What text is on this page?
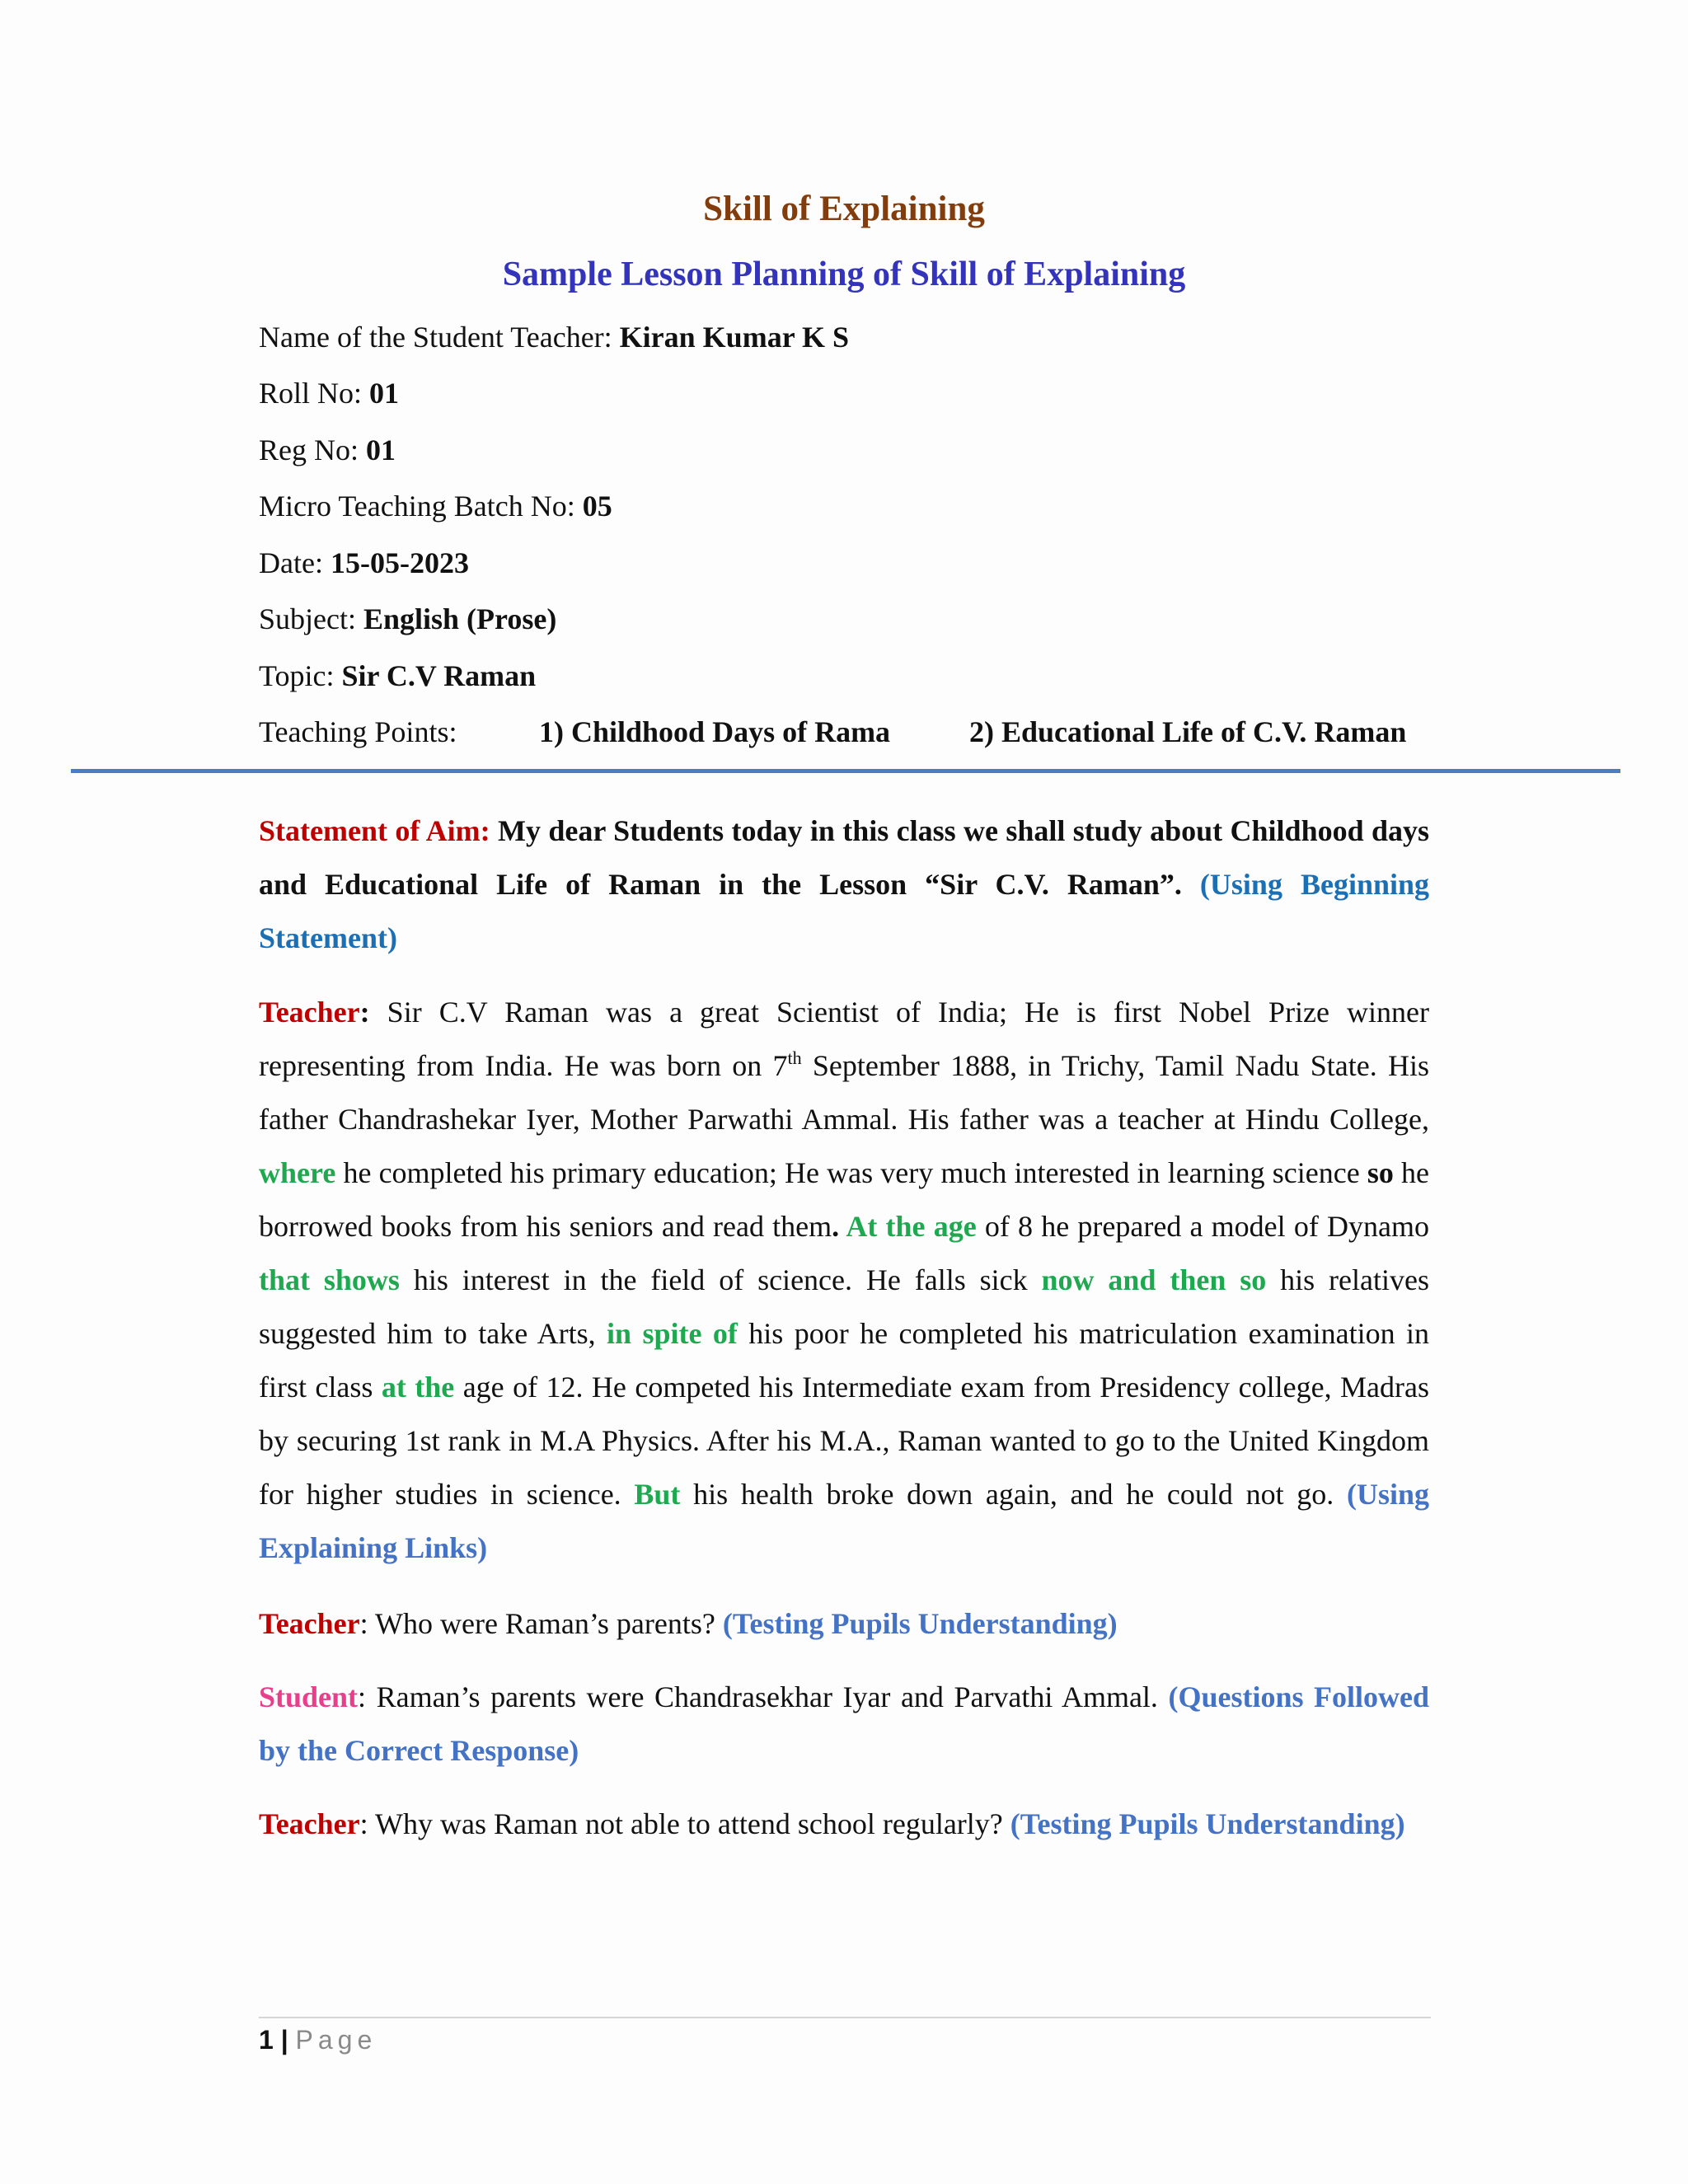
Skill of Explaining
Sample Lesson Planning of Skill of Explaining
Name of the Student Teacher: Kiran Kumar K S
Roll No: 01
Reg No: 01
Micro Teaching Batch No: 05
Date: 15-05-2023
Subject: English (Prose)
Topic: Sir C.V Raman
Teaching Points:	1) Childhood Days of Rama	2) Educational Life of C.V. Raman
Statement of Aim: My dear Students today in this class we shall study about Childhood days and Educational Life of Raman in the Lesson “Sir C.V. Raman”. (Using Beginning Statement)
Teacher: Sir C.V Raman was a great Scientist of India; He is first Nobel Prize winner representing from India. He was born on 7th September 1888, in Trichy, Tamil Nadu State. His father Chandrashekar Iyer, Mother Parwathi Ammal. His father was a teacher at Hindu College, where he completed his primary education; He was very much interested in learning science so he borrowed books from his seniors and read them. At the age of 8 he prepared a model of Dynamo that shows his interest in the field of science. He falls sick now and then so his relatives suggested him to take Arts, in spite of his poor he completed his matriculation examination in first class at the age of 12. He competed his Intermediate exam from Presidency college, Madras by securing 1st rank in M.A Physics. After his M.A., Raman wanted to go to the United Kingdom for higher studies in science. But his health broke down again, and he could not go. (Using Explaining Links)
Teacher: Who were Raman’s parents? (Testing Pupils Understanding)
Student: Raman’s parents were Chandrasekhar Iyar and Parvathi Ammal. (Questions Followed by the Correct Response)
Teacher: Why was Raman not able to attend school regularly? (Testing Pupils Understanding)
1 | Page
